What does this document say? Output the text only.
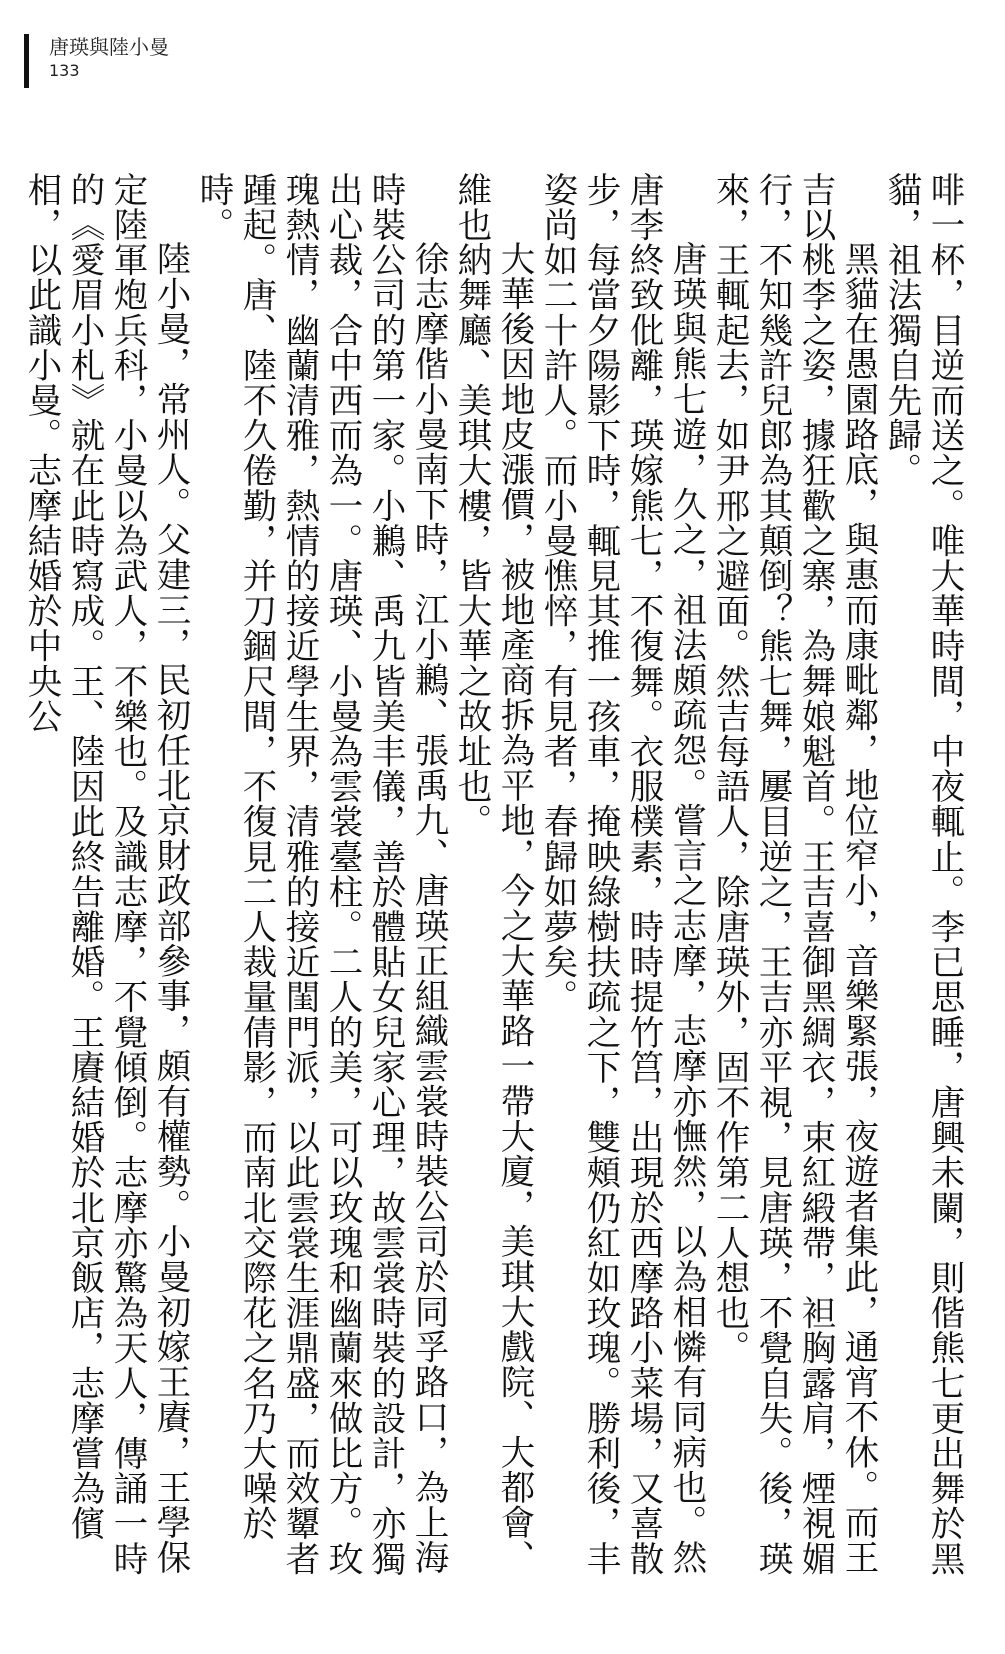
唐瑛與陸小曼
133

啡一杯，目逆而送之。唯大華時間，中夜輒止。李已思睡，唐興未闌，則偕熊七更出舞於黑貓，祖法獨自先歸。

黑貓在愚園路底，與惠而康毗鄰，地位窄小，音樂緊張，夜遊者集此，通宵不休。而王吉以桃李之姿，據狂歡之寨，為舞娘魁首。王吉喜御黑綢衣，束紅緞帶，袒胸露肩，煙視媚行，不知幾許兒郎為其顛倒？熊七舞，屢目逆之，王吉亦平視，見唐瑛，不覺自失。後，瑛來，王輒起去，如尹邢之避面。然吉每語人，除唐瑛外，固不作第二人想也。

唐瑛與熊七遊，久之，祖法頗疏怨。嘗言之志摩，志摩亦憮然，以為相憐有同病也。然唐李終致仳離，瑛嫁熊七，不復舞。衣服樸素，時時提竹筥，出現於西摩路小菜場，又喜散步，每當夕陽影下時，輒見其推一孩車，掩映綠樹扶疏之下，雙頰仍紅如玫瑰。勝利後，丰姿尚如二十許人。而小曼憔悴，有見者，春歸如夢矣。

大華後因地皮漲價，被地產商拆為平地，今之大華路一帶大廈，美琪大戲院、大都會、維也納舞廳、美琪大樓，皆大華之故址也。

徐志摩偕小曼南下時，江小鶼、張禹九、唐瑛正組織雲裳時裝公司於同孚路口，為上海時裝公司的第一家。小鶼、禹九皆美丰儀，善於體貼女兒家心理，故雲裳時裝的設計，亦獨出心裁，合中西而為一。唐瑛、小曼為雲裳臺柱。二人的美，可以玫瑰和幽蘭來做比方。玫瑰熱情，幽蘭清雅，熱情的接近學生界，清雅的接近閨門派，以此雲裳生涯鼎盛，而效顰者踵起。唐、陸不久倦勤，并刀錮尺間，不復見二人裁量倩影，而南北交際花之名乃大噪於時。

陸小曼，常州人。父建三，民初任北京財政部參事，頗有權勢。小曼初嫁王賡，王學保定陸軍炮兵科，小曼以為武人，不樂也。及識志摩，不覺傾倒。志摩亦驚為天人，傳誦一時的《愛眉小札》就在此時寫成。王、陸因此終告離婚。王賡結婚於北京飯店，志摩嘗為儐相，以此識小曼。志摩結婚於中央公
